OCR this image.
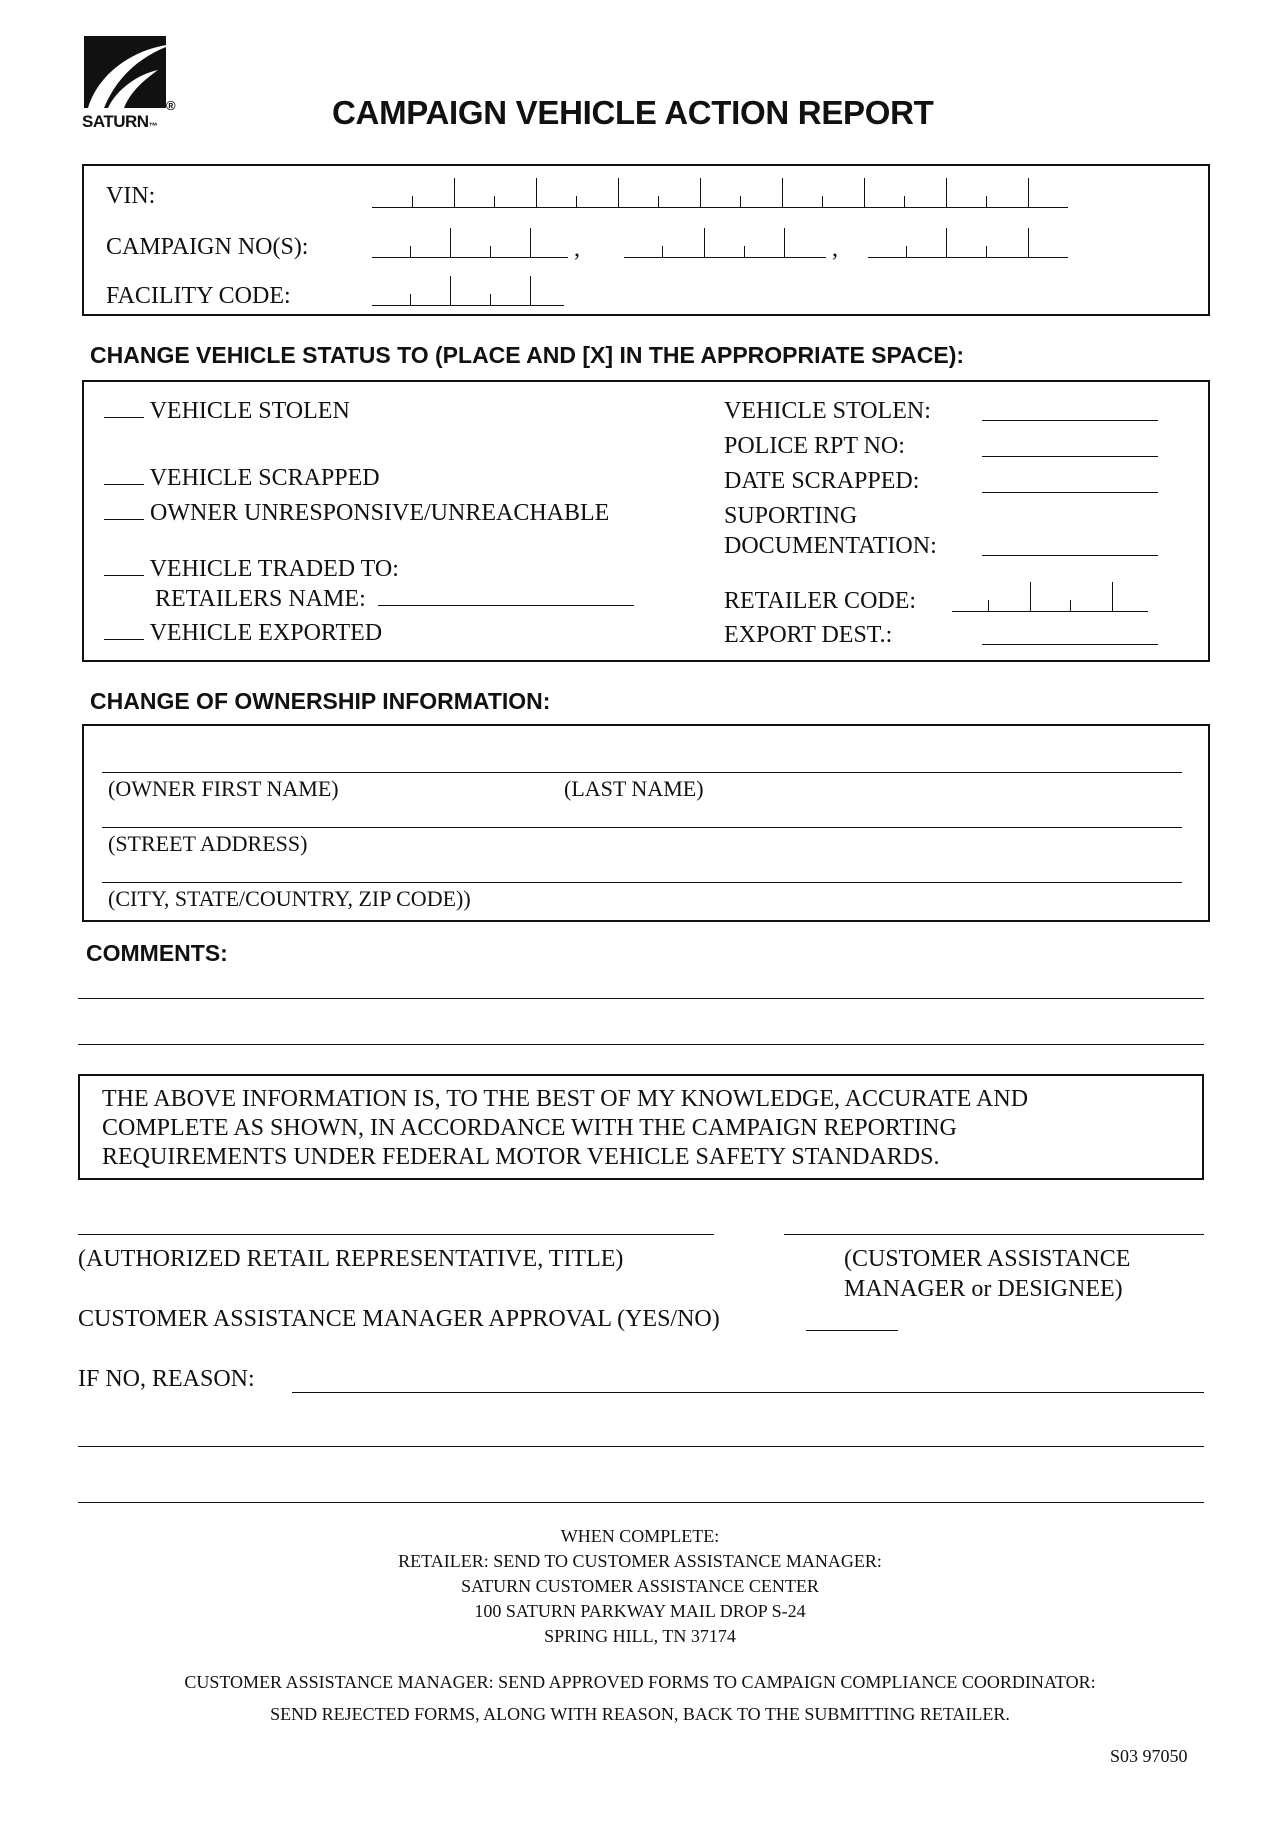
SATURN™
®	CAMPAIGN VEHICLE ACTION REPORT
VIN:
CAMPAIGN NO(S):	,	,
FACILITY CODE:
CHANGE VEHICLE STATUS TO (PLACE AND [X] IN THE APPROPRIATE SPACE):
VEHICLE STOLEN
VEHICLE SCRAPPED
OWNER UNRESPONSIVE/UNREACHABLE
VEHICLE TRADED TO:
RETAILERS NAME:
VEHICLE EXPORTED
VEHICLE STOLEN:
POLICE RPT NO:
DATE SCRAPPED:
SUPORTING
DOCUMENTATION:
RETAILER CODE:
EXPORT DEST.:
CHANGE OF OWNERSHIP INFORMATION:
(OWNER FIRST NAME)	(LAST NAME)
(STREET ADDRESS)
(CITY, STATE/COUNTRY, ZIP CODE))
COMMENTS:
THE ABOVE INFORMATION IS, TO THE BEST OF MY KNOWLEDGE, ACCURATE AND
COMPLETE AS SHOWN, IN ACCORDANCE WITH THE CAMPAIGN REPORTING
REQUIREMENTS UNDER FEDERAL MOTOR VEHICLE SAFETY STANDARDS.
(AUTHORIZED RETAIL REPRESENTATIVE, TITLE)	(CUSTOMER ASSISTANCE
MANAGER or DESIGNEE)
CUSTOMER ASSISTANCE MANAGER APPROVAL (YES/NO)
IF NO, REASON:
WHEN COMPLETE:
RETAILER: SEND TO CUSTOMER ASSISTANCE MANAGER:
SATURN CUSTOMER ASSISTANCE CENTER
100 SATURN PARKWAY MAIL DROP S-24
SPRING HILL, TN 37174
CUSTOMER ASSISTANCE MANAGER: SEND APPROVED FORMS TO CAMPAIGN COMPLIANCE COORDINATOR:
SEND REJECTED FORMS, ALONG WITH REASON, BACK TO THE SUBMITTING RETAILER.
S03 97050
